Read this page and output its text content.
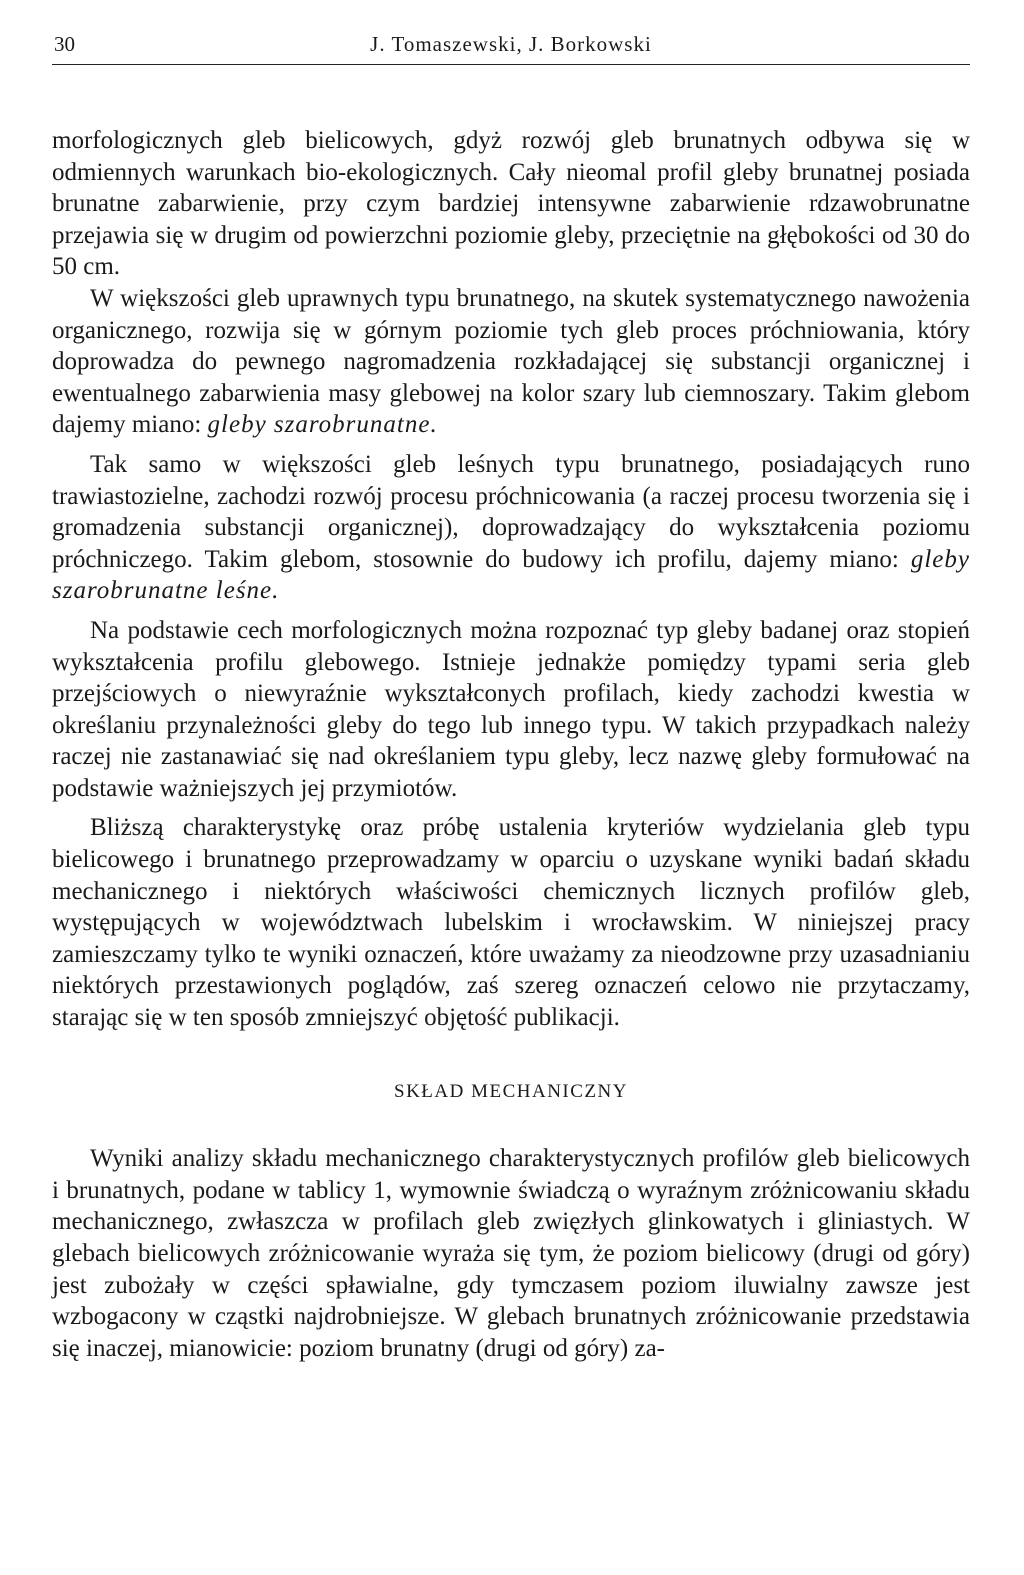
30	J. Tomaszewski, J. Borkowski

morfologicznych gleb bielicowych, gdyż rozwój gleb brunatnych odbywa się w odmiennych warunkach bio-ekologicznych. Cały nieomal profil gleby brunatnej posiada brunatne zabarwienie, przy czym bardziej intensywne zabarwienie rdzawobrunatne przejawia się w drugim od powierzchni poziomie gleby, przeciętnie na głębokości od 30 do 50 cm.

W większości gleb uprawnych typu brunatnego, na skutek systematycznego nawożenia organicznego, rozwija się w górnym poziomie tych gleb proces próchniowania, który doprowadza do pewnego nagromadzenia rozkładającej się substancji organicznej i ewentualnego zabarwienia masy glebowej na kolor szary lub ciemnoszary. Takim glebom dajemy miano: gleby szarobrunatne.

Tak samo w większości gleb leśnych typu brunatnego, posiadających runo trawiastozielne, zachodzi rozwój procesu próchnicowania (a raczej procesu tworzenia się i gromadzenia substancji organicznej), doprowadzający do wykształcenia poziomu próchniczego. Takim glebom, stosownie do budowy ich profilu, dajemy miano: gleby szarobrunatne leśne.

Na podstawie cech morfologicznych można rozpoznać typ gleby badanej oraz stopień wykształcenia profilu glebowego. Istnieje jednakże pomiędzy typami seria gleb przejściowych o niewyraźnie wykształconych profilach, kiedy zachodzi kwestia w określaniu przynależności gleby do tego lub innego typu. W takich przypadkach należy raczej nie zastanawiać się nad określaniem typu gleby, lecz nazwę gleby formułować na podstawie ważniejszych jej przymiotów.

Bliższą charakterystykę oraz próbę ustalenia kryteriów wydzielania gleb typu bielicowego i brunatnego przeprowadzamy w oparciu o uzyskane wyniki badań składu mechanicznego i niektórych właściwości chemicznych licznych profilów gleb, występujących w województwach lubelskim i wrocławskim. W niniejszej pracy zamieszczamy tylko te wyniki oznaczeń, które uważamy za nieodzowne przy uzasadnianiu niektórych przestawionych poglądów, zaś szereg oznaczeń celowo nie przytaczamy, starając się w ten sposób zmniejszyć objętość publikacji.

SKŁAD MECHANICZNY

Wyniki analizy składu mechanicznego charakterystycznych profilów gleb bielicowych i brunatnych, podane w tablicy 1, wymownie świadczą o wyraźnym zróżnicowaniu składu mechanicznego, zwłaszcza w profilach gleb zwięzłych glinkowatych i gliniastych. W glebach bielicowych zróżnicowanie wyraża się tym, że poziom bielicowy (drugi od góry) jest zubożały w części spławialne, gdy tymczasem poziom iluwialny zawsze jest wzbogacony w cząstki najdrobniejsze. W glebach brunatnych zróżnicowanie przedstawia się inaczej, mianowicie: poziom brunatny (drugi od góry) za-
